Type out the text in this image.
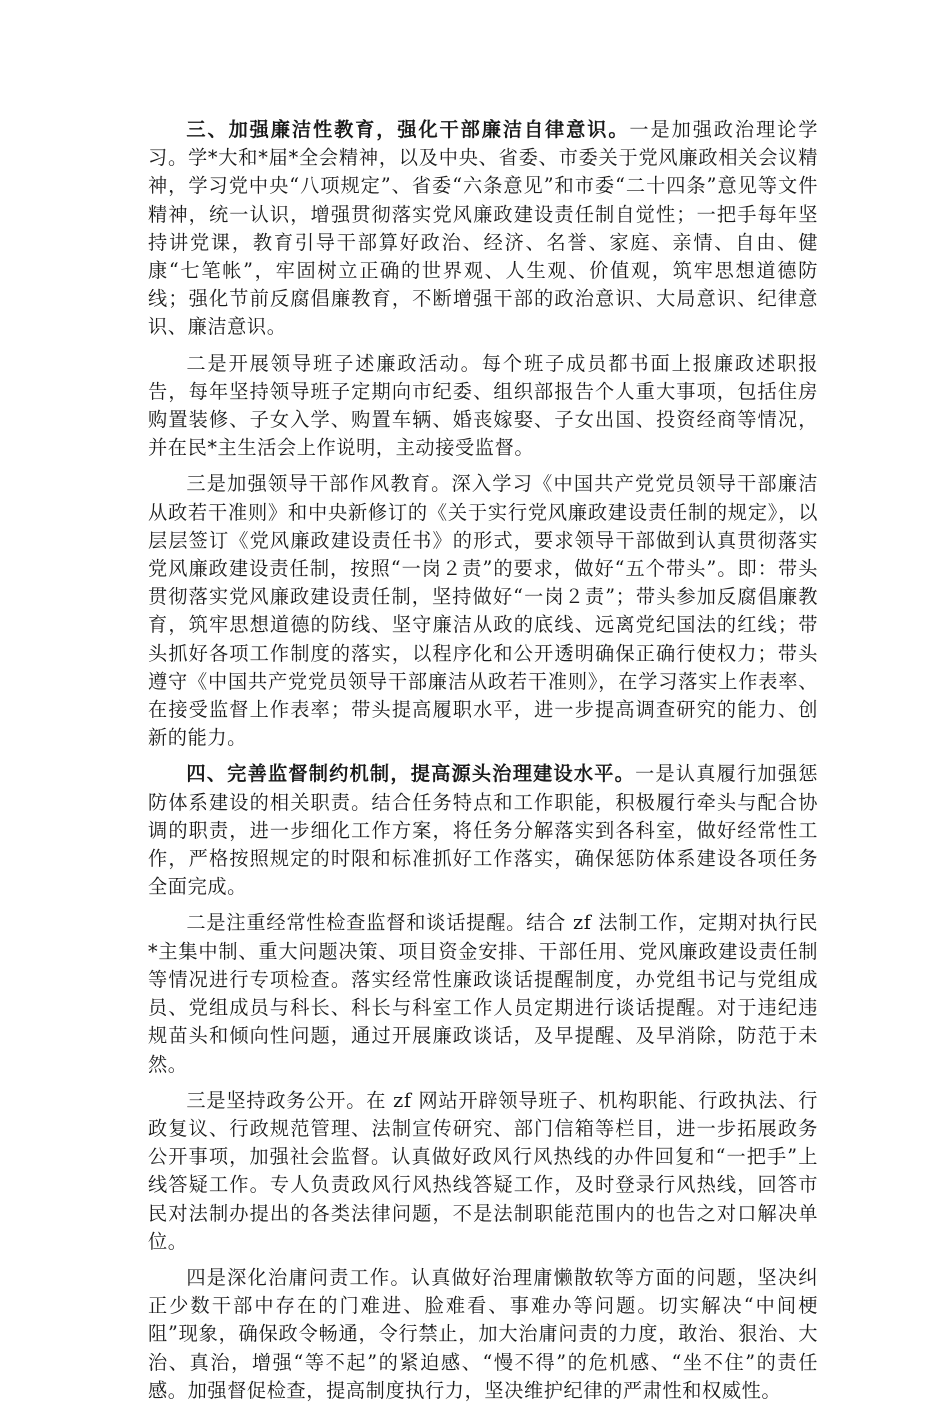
三、加强廉洁性教育，强化干部廉洁自律意识。一是加强政治理论学习。学*大和*届*全会精神，以及中央、省委、市委关于党风廉政相关会议精神，学习党中央“八项规定”、省委“六条意见”和市委“二十四条”意见等文件精神，统一认识，增强贯彻落实党风廉政建设责任制自觉性；一把手每年坚持讲党课，教育引导干部算好政治、经济、名誉、家庭、亲情、自由、健康“七笔帐”，牢固树立正确的世界观、人生观、价值观，筑牢思想道德防线；强化节前反腐倡廉教育，不断增强干部的政治意识、大局意识、纪律意识、廉洁意识。

二是开展领导班子述廉政活动。每个班子成员都书面上报廉政述职报告，每年坚持领导班子定期向市纪委、组织部报告个人重大事项，包括住房购置装修、子女入学、购置车辆、婚丧嫁娶、子女出国、投资经商等情况，并在民*主生活会上作说明，主动接受监督。

三是加强领导干部作风教育。深入学习《中国共产党党员领导干部廉洁从政若干准则》和中央新修订的《关于实行党风廉政建设责任制的规定》，以层层签订《党风廉政建设责任书》的形式，要求领导干部做到认真贯彻落实党风廉政建设责任制，按照“一岗２责”的要求，做好“五个带头”。即：带头贯彻落实党风廉政建设责任制，坚持做好“一岗２责”；带头参加反腐倡廉教育，筑牢思想道德的防线、坚守廉洁从政的底线、远离党纪国法的红线；带头抓好各项工作制度的落实，以程序化和公开透明确保正确行使权力；带头遵守《中国共产党党员领导干部廉洁从政若干准则》，在学习落实上作表率、在接受监督上作表率；带头提高履职水平，进一步提高调查研究的能力、创新的能力。

四、完善监督制约机制，提高源头治理建设水平。一是认真履行加强惩防体系建设的相关职责。结合任务特点和工作职能，积极履行牵头与配合协调的职责，进一步细化工作方案，将任务分解落实到各科室，做好经常性工作，严格按照规定的时限和标准抓好工作落实，确保惩防体系建设各项任务全面完成。

二是注重经常性检查监督和谈话提醒。结合 zf 法制工作，定期对执行民*主集中制、重大问题决策、项目资金安排、干部任用、党风廉政建设责任制等情况进行专项检查。落实经常性廉政谈话提醒制度，办党组书记与党组成员、党组成员与科长、科长与科室工作人员定期进行谈话提醒。对于违纪违规苗头和倾向性问题，通过开展廉政谈话，及早提醒、及早消除，防范于未然。

三是坚持政务公开。在 zf 网站开辟领导班子、机构职能、行政执法、行政复议、行政规范管理、法制宣传研究、部门信箱等栏目，进一步拓展政务公开事项，加强社会监督。认真做好政风行风热线的办件回复和“一把手”上线答疑工作。专人负责政风行风热线答疑工作，及时登录行风热线，回答市民对法制办提出的各类法律问题，不是法制职能范围内的也告之对口解决单位。

四是深化治庸问责工作。认真做好治理庸懒散软等方面的问题，坚决纠正少数干部中存在的门难进、脸难看、事难办等问题。切实解决“中间梗阻”现象，确保政令畅通，令行禁止，加大治庸问责的力度，敢治、狠治、大治、真治，增强“等不起”的紧迫感、“慢不得”的危机感、“坐不住”的责任感。加强督促检查，提高制度执行力，坚决维护纪律的严肃性和权威性。
